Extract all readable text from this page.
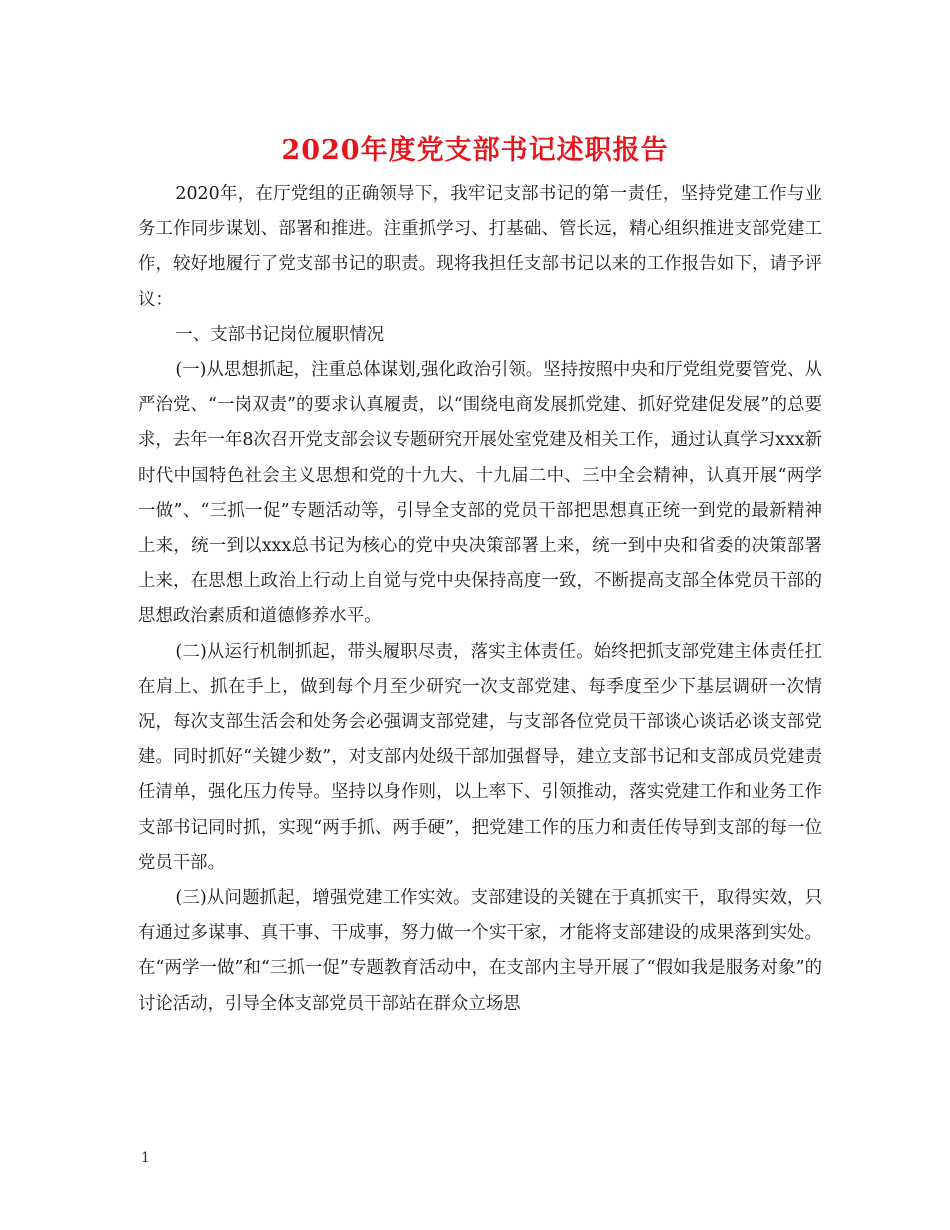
2020年度党支部书记述职报告

2020年，在厅党组的正确领导下，我牢记支部书记的第一责任，坚持党建工作与业务工作同步谋划、部署和推进。注重抓学习、打基础、管长远，精心组织推进支部党建工作，较好地履行了党支部书记的职责。现将我担任支部书记以来的工作报告如下，请予评议：

一、支部书记岗位履职情况

(一)从思想抓起，注重总体谋划,强化政治引领。坚持按照中央和厅党组党要管党、从严治党、“一岗双责”的要求认真履责，以“围绕电商发展抓党建、抓好党建促发展”的总要求，去年一年8次召开党支部会议专题研究开展处室党建及相关工作，通过认真学习xxx新时代中国特色社会主义思想和党的十九大、十九届二中、三中全会精神，认真开展“两学一做”、“三抓一促”专题活动等，引导全支部的党员干部把思想真正统一到党的最新精神上来，统一到以xxx总书记为核心的党中央决策部署上来，统一到中央和省委的决策部署上来，在思想上政治上行动上自觉与党中央保持高度一致，不断提高支部全体党员干部的思想政治素质和道德修养水平。

(二)从运行机制抓起，带头履职尽责，落实主体责任。始终把抓支部党建主体责任扛在肩上、抓在手上，做到每个月至少研究一次支部党建、每季度至少下基层调研一次情况，每次支部生活会和处务会必强调支部党建，与支部各位党员干部谈心谈话必谈支部党建。同时抓好“关键少数”，对支部内处级干部加强督导，建立支部书记和支部成员党建责任清单，强化压力传导。坚持以身作则，以上率下、引领推动，落实党建工作和业务工作支部书记同时抓，实现“两手抓、两手硬”，把党建工作的压力和责任传导到支部的每一位党员干部。

(三)从问题抓起，增强党建工作实效。支部建设的关键在于真抓实干，取得实效，只有通过多谋事、真干事、干成事，努力做一个实干家，才能将支部建设的成果落到实处。在“两学一做”和“三抓一促”专题教育活动中，在支部内主导开展了“假如我是服务对象”的讨论活动，引导全体支部党员干部站在群众立场思

1
